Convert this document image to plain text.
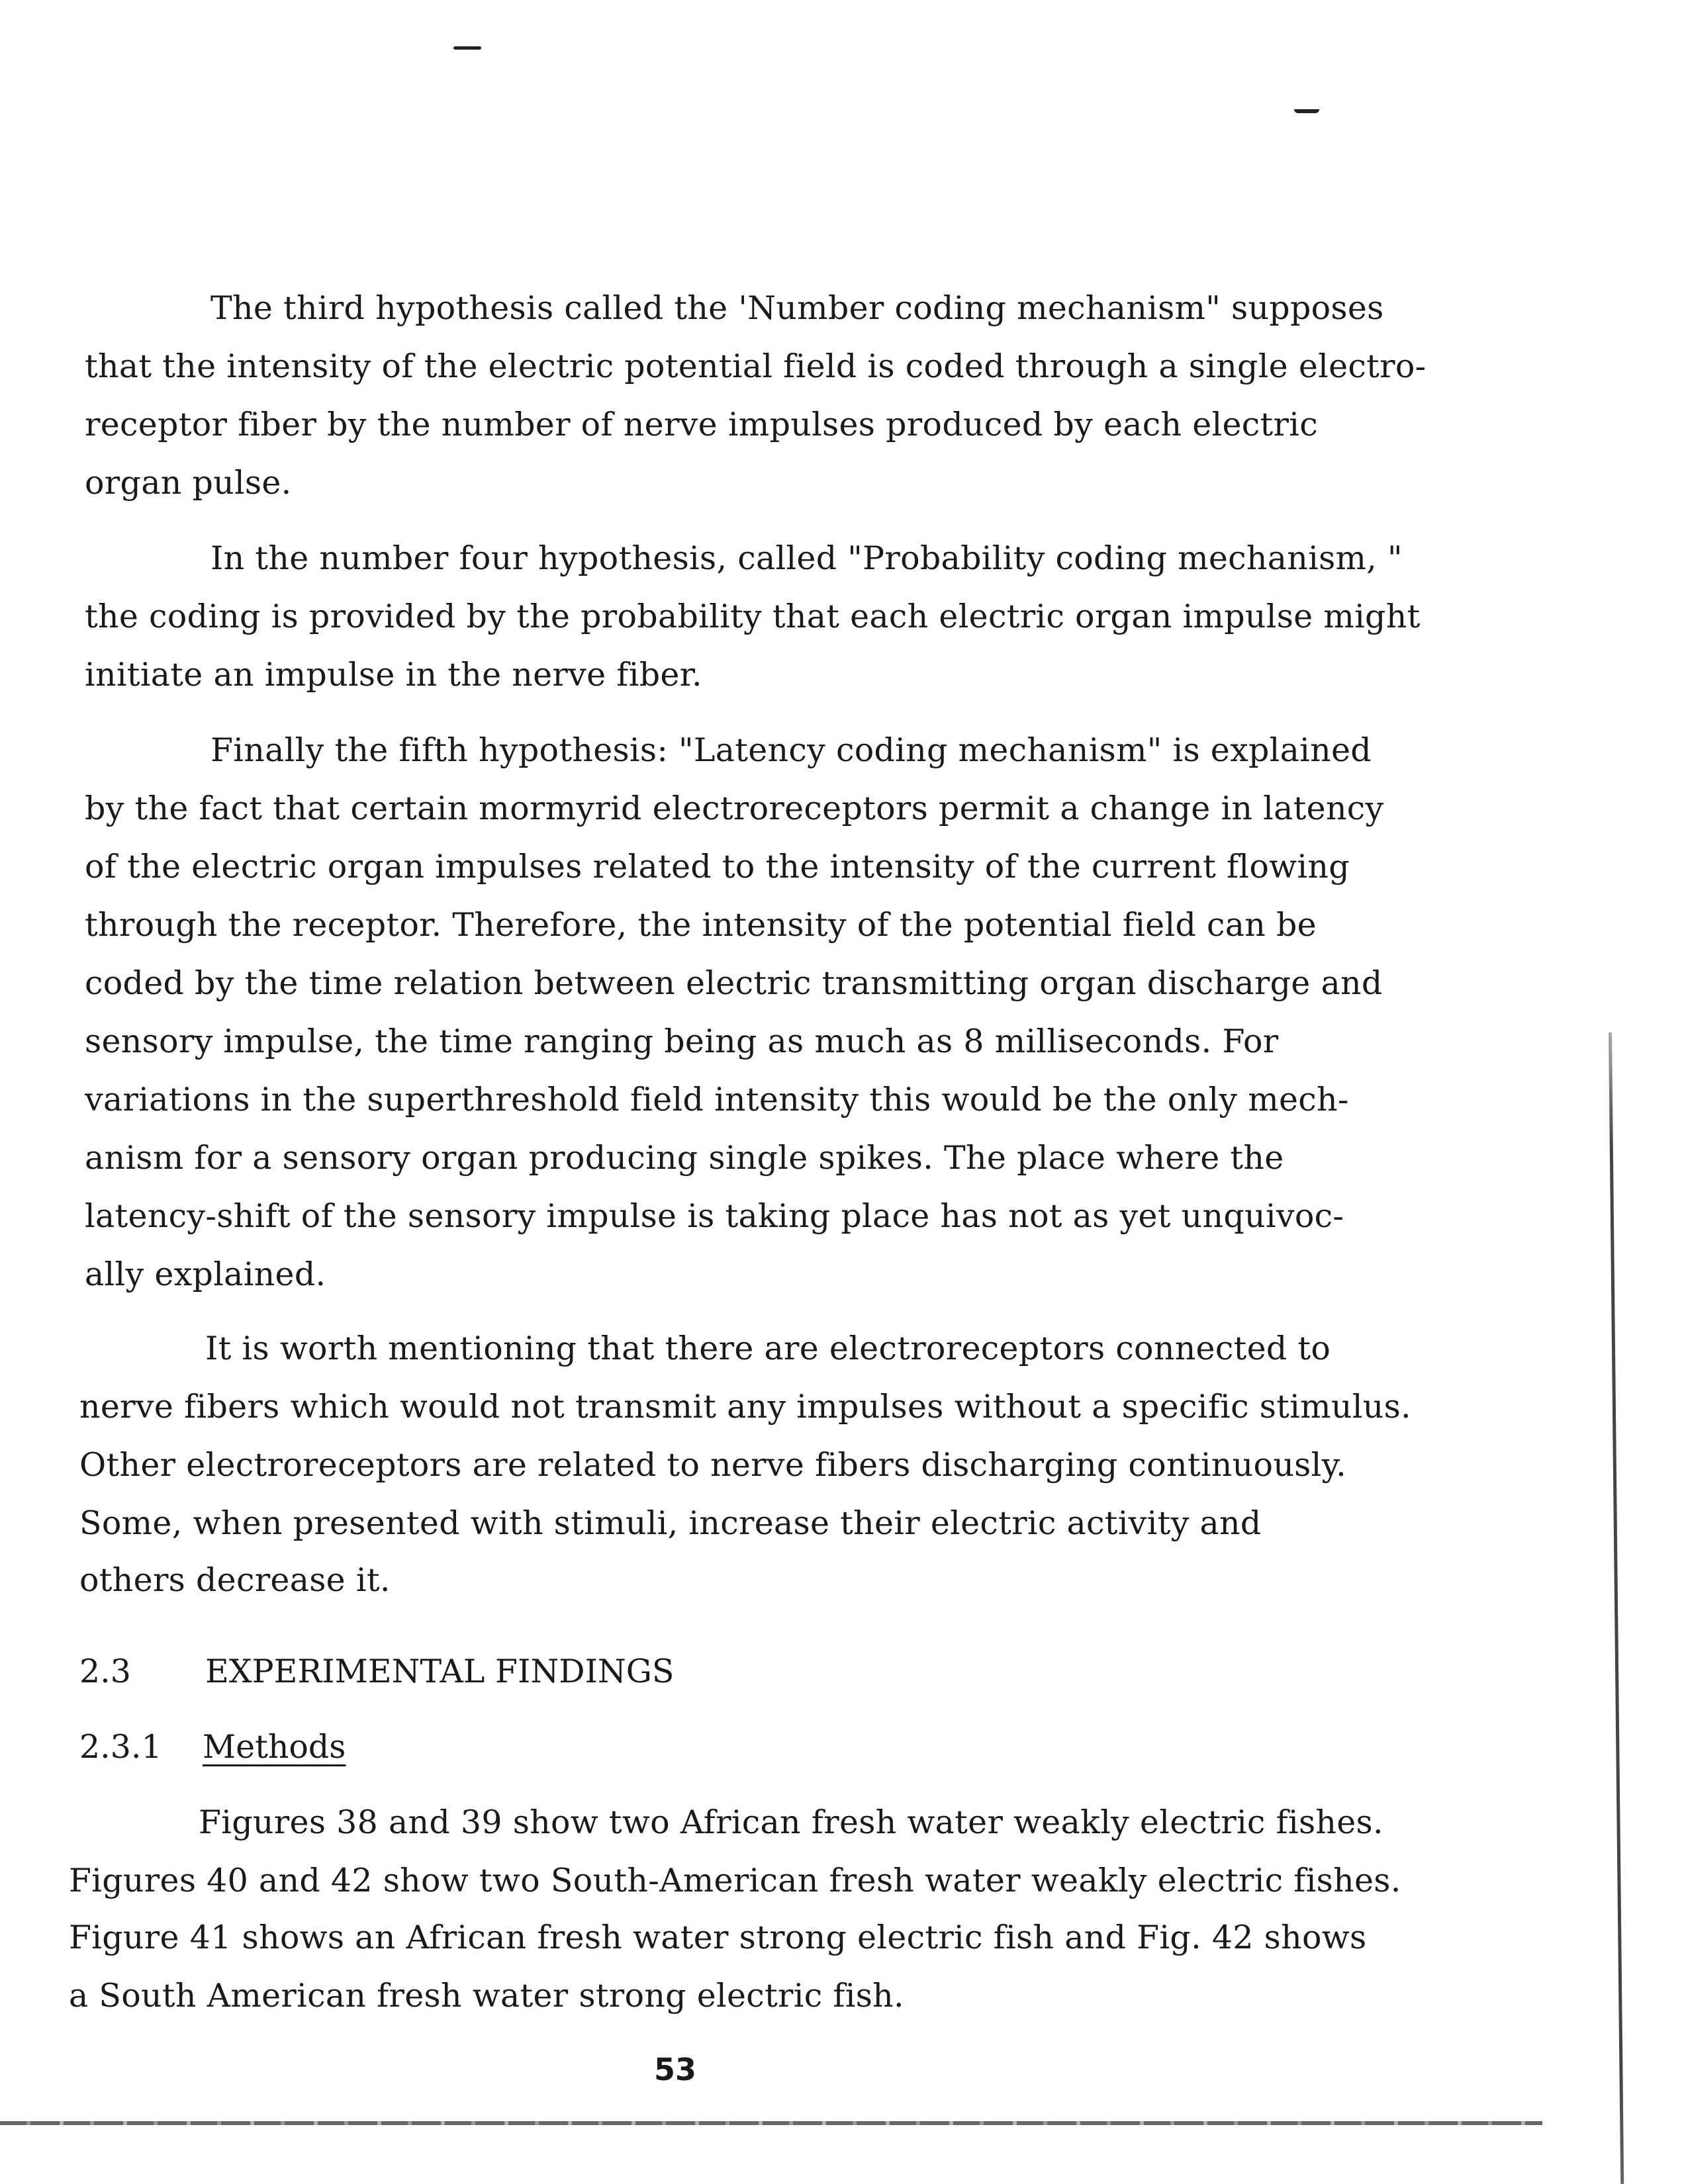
The third hypothesis called the 'Number coding mechanism" supposes
that the intensity of the electric potential field is coded through a single electro-
receptor fiber by the number of nerve impulses produced by each electric
organ pulse.
In the number four hypothesis, called "Probability coding mechanism, "
the coding is provided by the probability that each electric organ impulse might
initiate an impulse in the nerve fiber.
Finally the fifth hypothesis: "Latency coding mechanism" is explained
by the fact that certain mormyrid electroreceptors permit a change in latency
of the electric organ impulses related to the intensity of the current flowing
through the receptor. Therefore, the intensity of the potential field can be
coded by the time relation between electric transmitting organ discharge and
sensory impulse, the time ranging being as much as 8 milliseconds. For
variations in the superthreshold field intensity this would be the only mech-
anism for a sensory organ producing single spikes. The place where the
latency-shift of the sensory impulse is taking place has not as yet unquivoc-
ally explained.
It is worth mentioning that there are electroreceptors connected to
nerve fibers which would not transmit any impulses without a specific stimulus.
Other electroreceptors are related to nerve fibers discharging continuously.
Some, when presented with stimuli, increase their electric activity and
others decrease it.
2.3 EXPERIMENTAL FINDINGS
2.3.1 Methods
Figures 38 and 39 show two African fresh water weakly electric fishes.
Figures 40 and 42 show two South-American fresh water weakly electric fishes.
Figure 41 shows an African fresh water strong electric fish and Fig. 42 shows
a South American fresh water strong electric fish.
53
